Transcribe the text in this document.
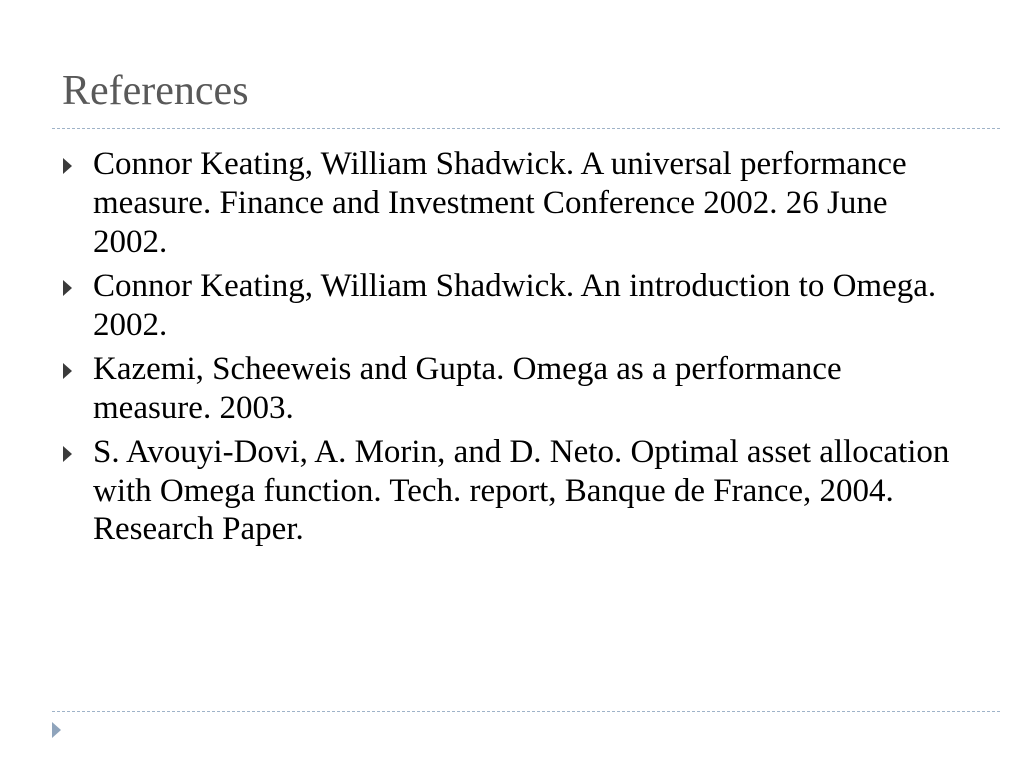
References
Connor Keating, William Shadwick. A universal performance measure. Finance and Investment Conference 2002. 26 June 2002.
Connor Keating, William Shadwick. An introduction to Omega. 2002.
Kazemi, Scheeweis and Gupta. Omega as a performance measure. 2003.
S. Avouyi-Dovi, A. Morin, and D. Neto. Optimal asset allocation with Omega function. Tech. report, Banque de France, 2004. Research Paper.
